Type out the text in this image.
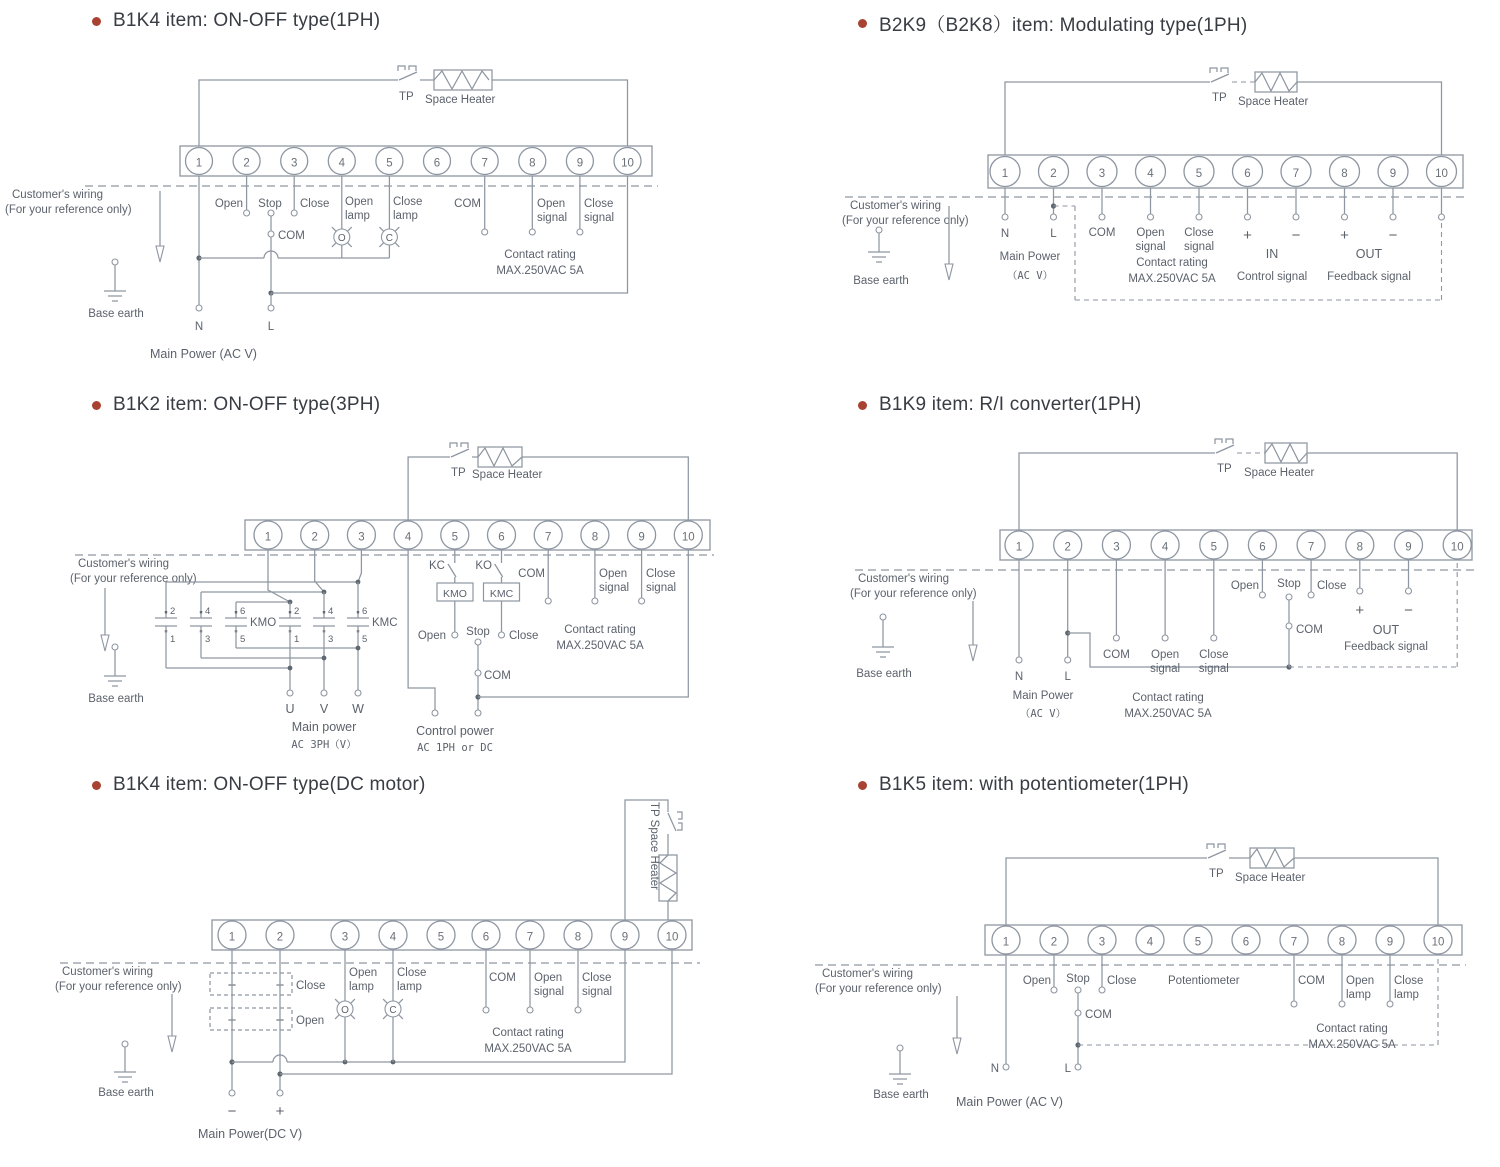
B1K4 item: ON-OFF type(1PH)	B2K9（B2K8）item: Modulating type(1PH)
B1K2 item: ON-OFF type(3PH)	B1K9 item: R/I converter(1PH)
B1K4 item: ON-OFF type(DC motor)	B1K5 item: with potentiometer(1PH)
TP Space Heater
1	2	3	4	5	6	7	8	9	10
Customer's wiring
(For your reference only)
Base earth
Open Stop Close
COM	O
Open
lamp
C
Close
lamp
COM	Open
signal
Close
signal
Contact rating
MAX.250VAC 5A
N	L
Main Power (AC V)
TP Space Heater
1	2	3	4	5	6	7	8	9	10
Customer's wiring
(For your reference only)
Base earth
N	L
Main Power
（AC V）
COM Open
signal
Close
signal
+	−
IN
+	−
OUT
Control signal Feedback signal
Contact rating
MAX.250VAC 5A
TP Space Heater
1	2	3	4	5	6	7	8	9	10
Customer's wiring
(For your reference only)
Base earth
2	4	6	2	4	6
1	3	5	1	3	5
KMO	KMC
U V W
Main power
AC 3PH（V）
KMO
KC
KMC
KO
Open Stop Close
COM
Control power
AC 1PH or DC
COM	Open
signal
Close
signal
Contact rating
MAX.250VAC 5A
TP Space Heater
1	2	3	4	5	6	7	8	9	10
Customer's wiring
(For your reference only)
Base earth	N	L
Main Power
（AC V）
COM Open
signal
Close
signal
Contact rating
MAX.250VAC 5A
Open Stop Close
COM
+	−
OUT
Feedback signal
TP Space Heater
1	2	3	4	5	6	7	8	9	10
Customer's wiring
(For your reference only)
Base earth
−	+ Close
+	− Open
−	+
Main Power(DC V)
O
Open
lamp
C
Close
lamp
COM Open
signal
Close
signal
Contact rating
MAX.250VAC 5A
TP Space Heater
1	2	3	4	5	6	7	8	9	10
Customer's wiring
(For your reference only)
Base earth
Open Stop Close
COM
Potentiometer
N	L
Main Power (AC V)
COM Open
lamp
Close
lamp
Contact rating
MAX.250VAC 5A
